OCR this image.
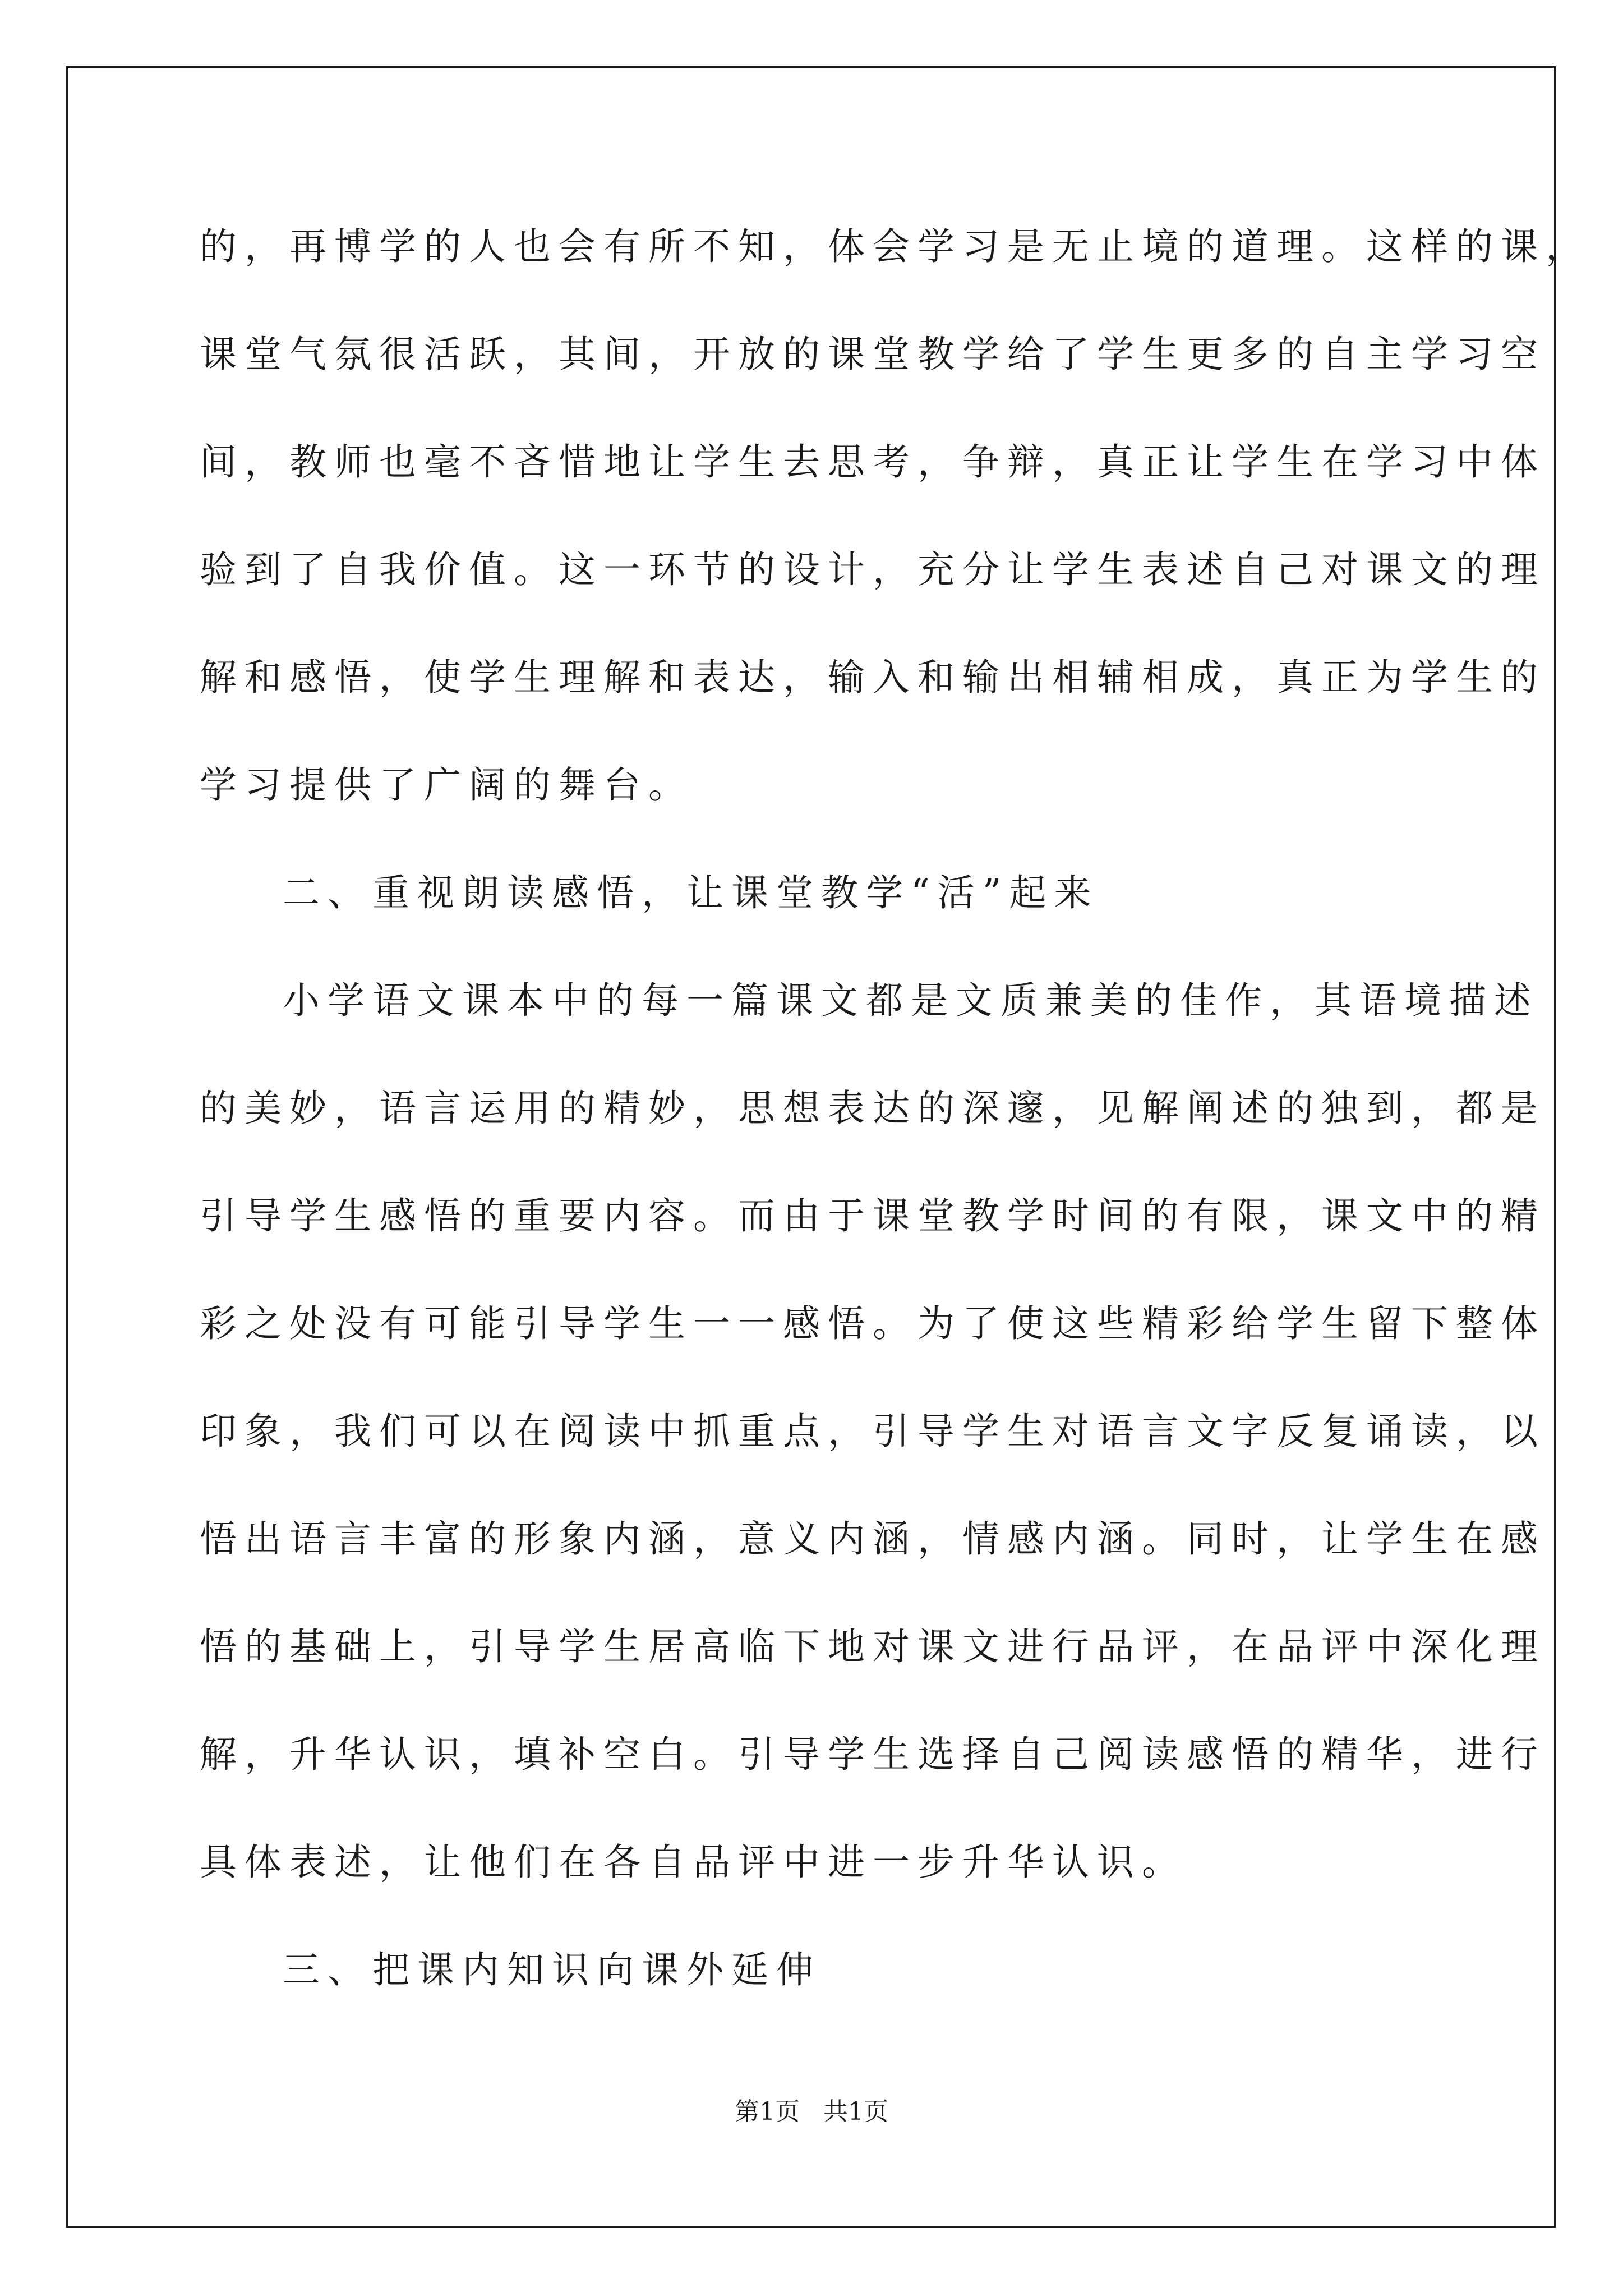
的，再博学的人也会有所不知，体会学习是无止境的道理。这样的课，

课堂气氛很活跃，其间，开放的课堂教学给了学生更多的自主学习空

间，教师也毫不吝惜地让学生去思考，争辩，真正让学生在学习中体

验到了自我价值。这一环节的设计，充分让学生表述自己对课文的理

解和感悟，使学生理解和表达，输入和输出相辅相成，真正为学生的

学习提供了广阔的舞台。

二、重视朗读感悟，让课堂教学“活”起来

小学语文课本中的每一篇课文都是文质兼美的佳作，其语境描述

的美妙，语言运用的精妙，思想表达的深邃，见解阐述的独到，都是

引导学生感悟的重要内容。而由于课堂教学时间的有限，课文中的精

彩之处没有可能引导学生一一感悟。为了使这些精彩给学生留下整体

印象，我们可以在阅读中抓重点，引导学生对语言文字反复诵读，以

悟出语言丰富的形象内涵，意义内涵，情感内涵。同时，让学生在感

悟的基础上，引导学生居高临下地对课文进行品评，在品评中深化理

解，升华认识，填补空白。引导学生选择自己阅读感悟的精华，进行

具体表述，让他们在各自品评中进一步升华认识。

三、把课内知识向课外延伸

第1页   共1页
